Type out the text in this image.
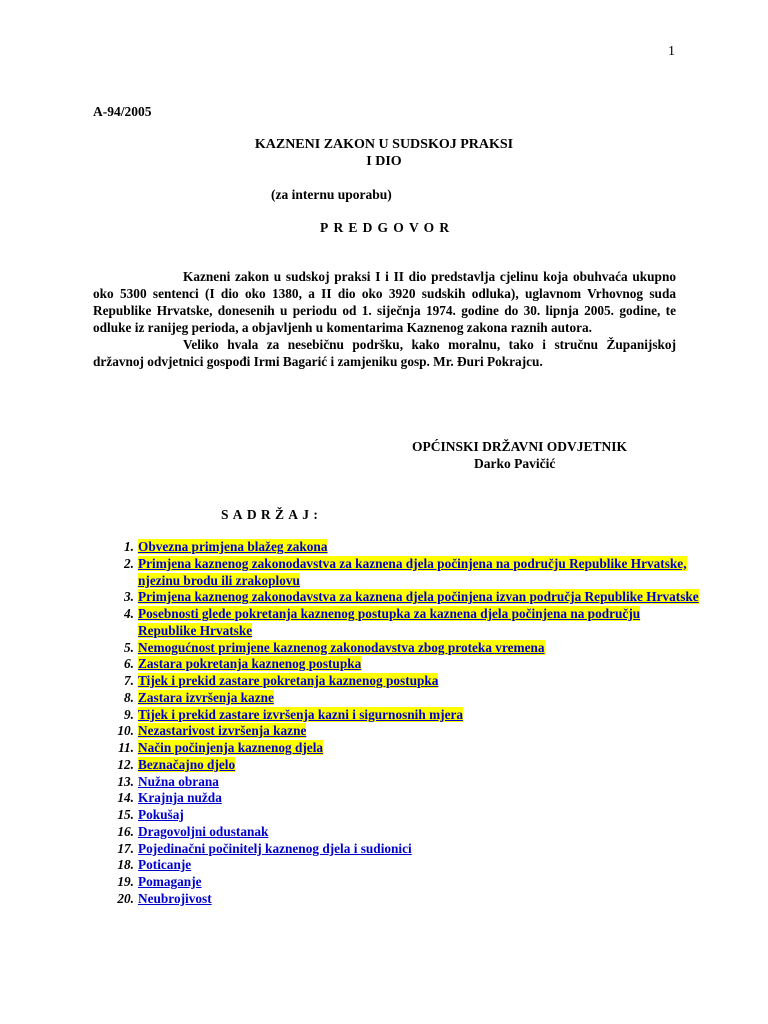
1
A-94/2005
KAZNENI ZAKON U SUDSKOJ PRAKSI
I DIO
(za internu uporabu)
PREDGOVOR

Kazneni zakon u sudskoj praksi I i II dio predstavlja cjelinu koja obuhvaća ukupno oko 5300 sentenci (I dio oko 1380, a II dio oko 3920 sudskih odluka), uglavnom Vrhovnog suda Republike Hrvatske, donesenih u periodu od 1. siječnja 1974. godine do 30. lipnja 2005. godine, te odluke iz ranijeg perioda, a objavljenh u komentarima Kaznenog zakona raznih autora.

Veliko hvala za nesebičnu podršku, kako moralnu, tako i stručnu Županijskoj državnoj odvjetnici gospođi Irmi Bagarić i zamjeniku gosp. Mr. Đuri Pokrajcu.

OPĆINSKI DRŽAVNI ODVJETNIK
Darko Pavičić
SADRŽAJ:
1. Obvezna primjena blažeg zakona
2. Primjena kaznenog zakonodavstva za kaznena djela počinjena na području Republike Hrvatske, njezinu brodu ili zrakoplovu
3. Primjena kaznenog zakonodavstva za kaznena djela počinjena izvan područja Republike Hrvatske
4. Posebnosti glede pokretanja kaznenog postupka za kaznena djela počinjena na području Republike Hrvatske
5. Nemogućnost primjene kaznenog zakonodavstva zbog proteka vremena
6. Zastara pokretanja kaznenog postupka
7. Tijek i prekid zastare pokretanja kaznenog postupka
8. Zastara izvršenja kazne
9. Tijek i prekid zastare izvršenja kazni i sigurnosnih mjera
10. Nezastarivost izvršenja kazne
11. Način počinjenja kaznenog djela
12. Beznačajno djelo
13. Nužna obrana
14. Krajnja nužda
15. Pokušaj
16. Dragovoljni odustanak
17. Pojedinačni počinitelj kaznenog djela i sudionici
18. Poticanje
19. Pomaganje
20. Neubrojivost
